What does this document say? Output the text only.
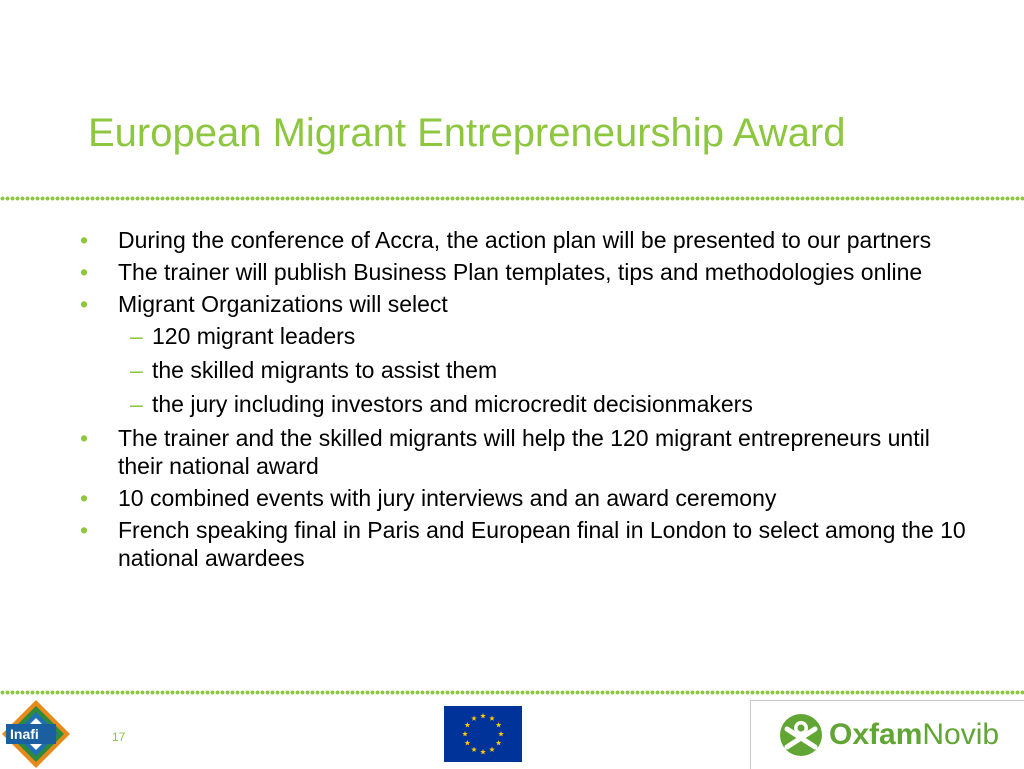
European Migrant Entrepreneurship Award
• During the conference of Accra, the action plan will be presented to our partners
• The trainer will publish Business Plan templates, tips and methodologies online
• Migrant Organizations will select
– 120 migrant leaders
– the skilled migrants to assist them
– the jury including investors and microcredit decisionmakers
• The trainer and the skilled migrants will help the 120 migrant entrepreneurs until their national award
• 10 combined events with jury interviews and an award ceremony
• French speaking final in Paris and European final in London to select among the 10 national awardees
Inafi	17	OxfamNovib
